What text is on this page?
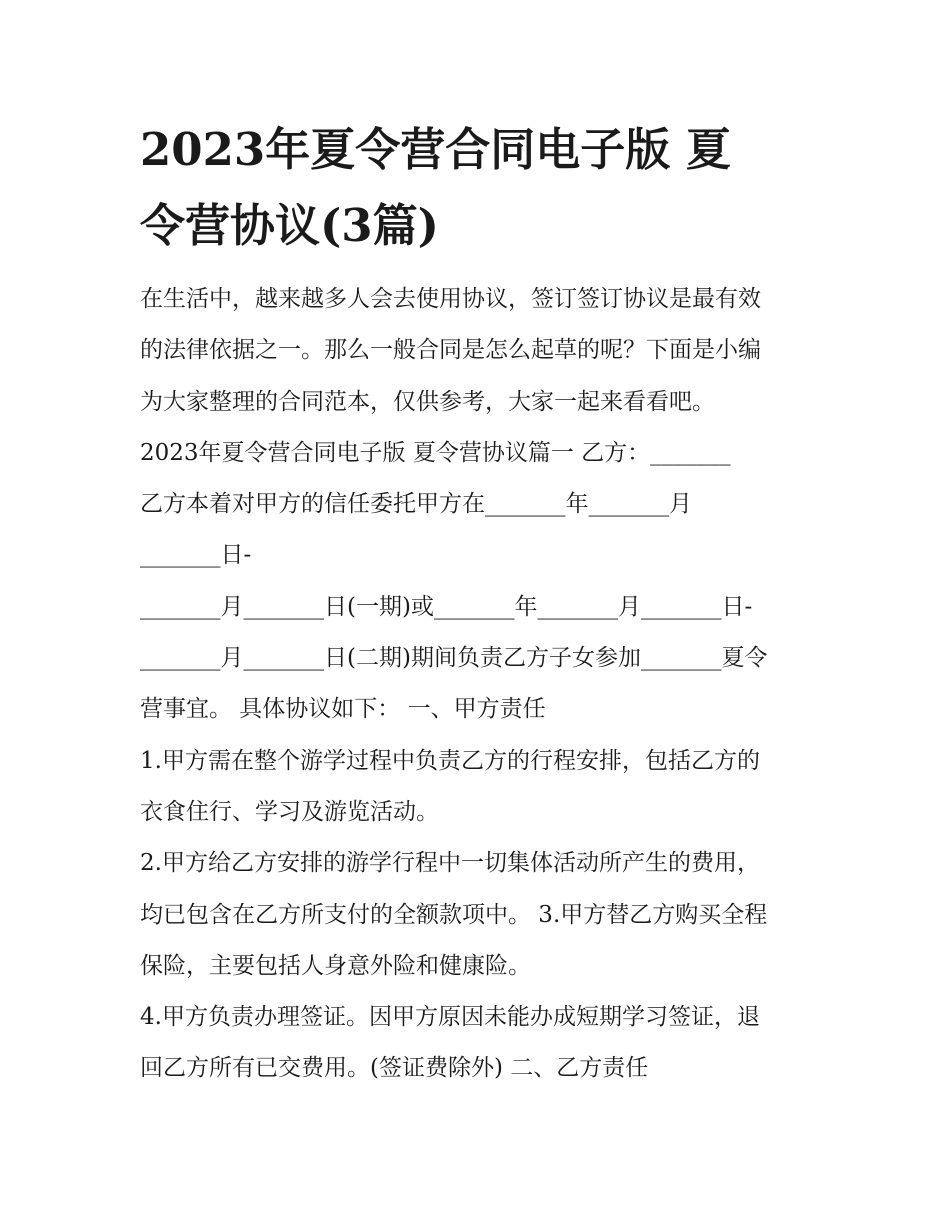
2023年夏令营合同电子版 夏
令营协议(3篇)
在生活中，越来越多人会去使用协议，签订签订协议是最有效
的法律依据之一。那么一般合同是怎么起草的呢？下面是小编
为大家整理的合同范本，仅供参考，大家一起来看看吧。
2023年夏令营合同电子版 夏令营协议篇一 乙方：_______
乙方本着对甲方的信任委托甲方在_______年_______月
_______日-
_______月_______日(一期)或_______年_______月_______日-
_______月_______日(二期)期间负责乙方子女参加_______夏令
营事宜。 具体协议如下： 一、甲方责任
1.甲方需在整个游学过程中负责乙方的行程安排，包括乙方的
衣食住行、学习及游览活动。
2.甲方给乙方安排的游学行程中一切集体活动所产生的费用，
均已包含在乙方所支付的全额款项中。 3.甲方替乙方购买全程
保险，主要包括人身意外险和健康险。
4.甲方负责办理签证。因甲方原因未能办成短期学习签证，退
回乙方所有已交费用。(签证费除外) 二、乙方责任
